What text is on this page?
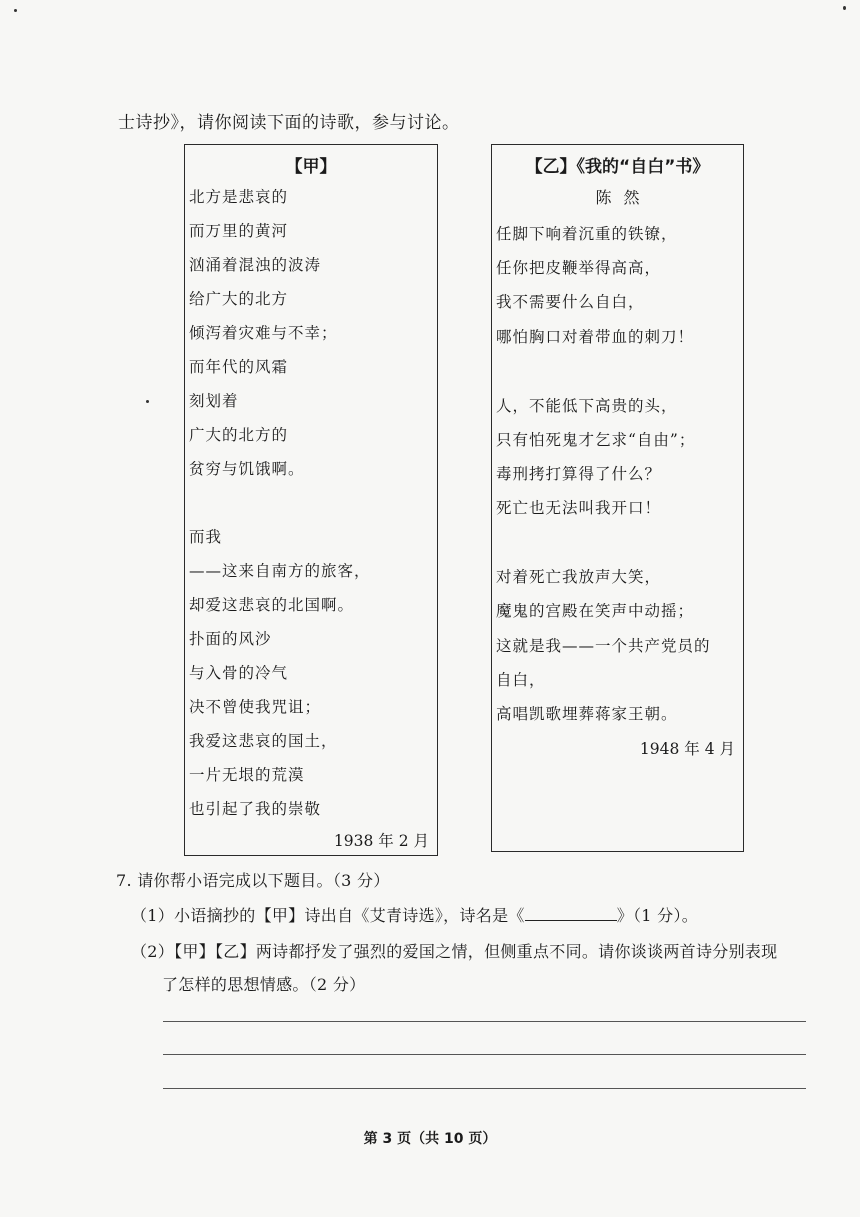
士诗抄》，请你阅读下面的诗歌，参与讨论。
【甲】
北方是悲哀的
而万里的黄河
汹涌着混浊的波涛
给广大的北方
倾泻着灾难与不幸；
而年代的风霜
刻划着
广大的北方的
贫穷与饥饿啊。
而我
——这来自南方的旅客，
却爱这悲哀的北国啊。
扑面的风沙
与入骨的冷气
决不曾使我咒诅；
我爱这悲哀的国土，
一片无垠的荒漠
也引起了我的崇敬
1938 年 2 月
【乙】《我的“自白”书》
陈然
任脚下响着沉重的铁镣，
任你把皮鞭举得高高，
我不需要什么自白，
哪怕胸口对着带血的刺刀！
人，不能低下高贵的头，
只有怕死鬼才乞求“自由”；
毒刑拷打算得了什么？
死亡也无法叫我开口！
对着死亡我放声大笑，
魔鬼的宫殿在笑声中动摇；
这就是我——一个共产党员的
自白，
高唱凯歌埋葬蒋家王朝。
1948 年 4 月
7. 请你帮小语完成以下题目。（3 分）
（1）小语摘抄的【甲】诗出自《艾青诗选》，诗名是《	》（1 分）。
（2）【甲】【乙】两诗都抒发了强烈的爱国之情，但侧重点不同。请你谈谈两首诗分别表现
了怎样的思想情感。（2 分）
第 3 页（共 10 页）
